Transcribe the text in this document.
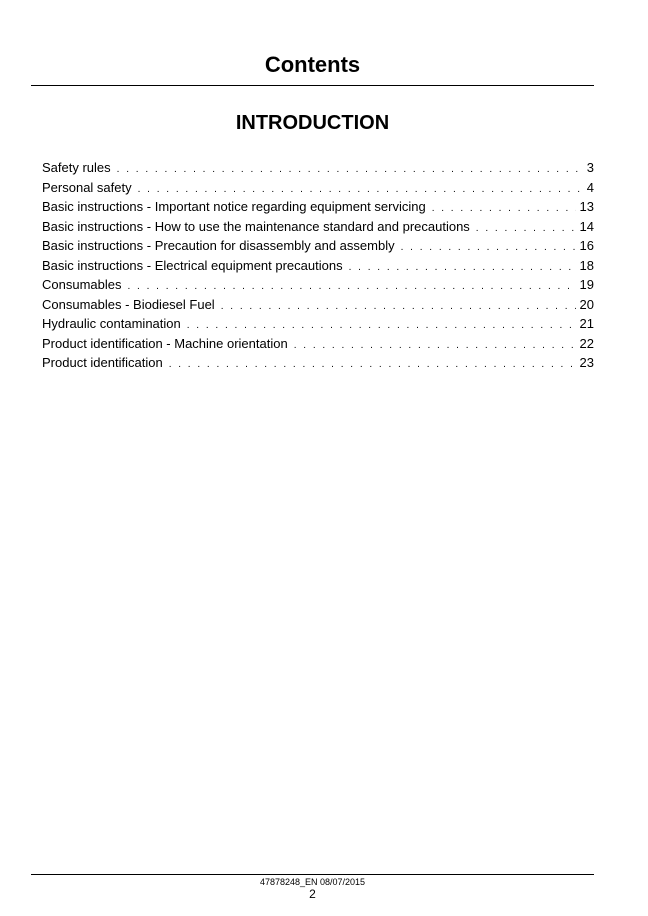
Contents
INTRODUCTION
Safety rules . . .	3
Personal safety . . .	4
Basic instructions - Important notice regarding equipment servicing . . .	13
Basic instructions - How to use the maintenance standard and precautions . . .	14
Basic instructions - Precaution for disassembly and assembly . . .	16
Basic instructions - Electrical equipment precautions . . .	18
Consumables . . .	19
Consumables - Biodiesel Fuel . . .	20
Hydraulic contamination . . .	21
Product identification - Machine orientation . . .	22
Product identification . . .	23
47878248_EN 08/07/2015
2
